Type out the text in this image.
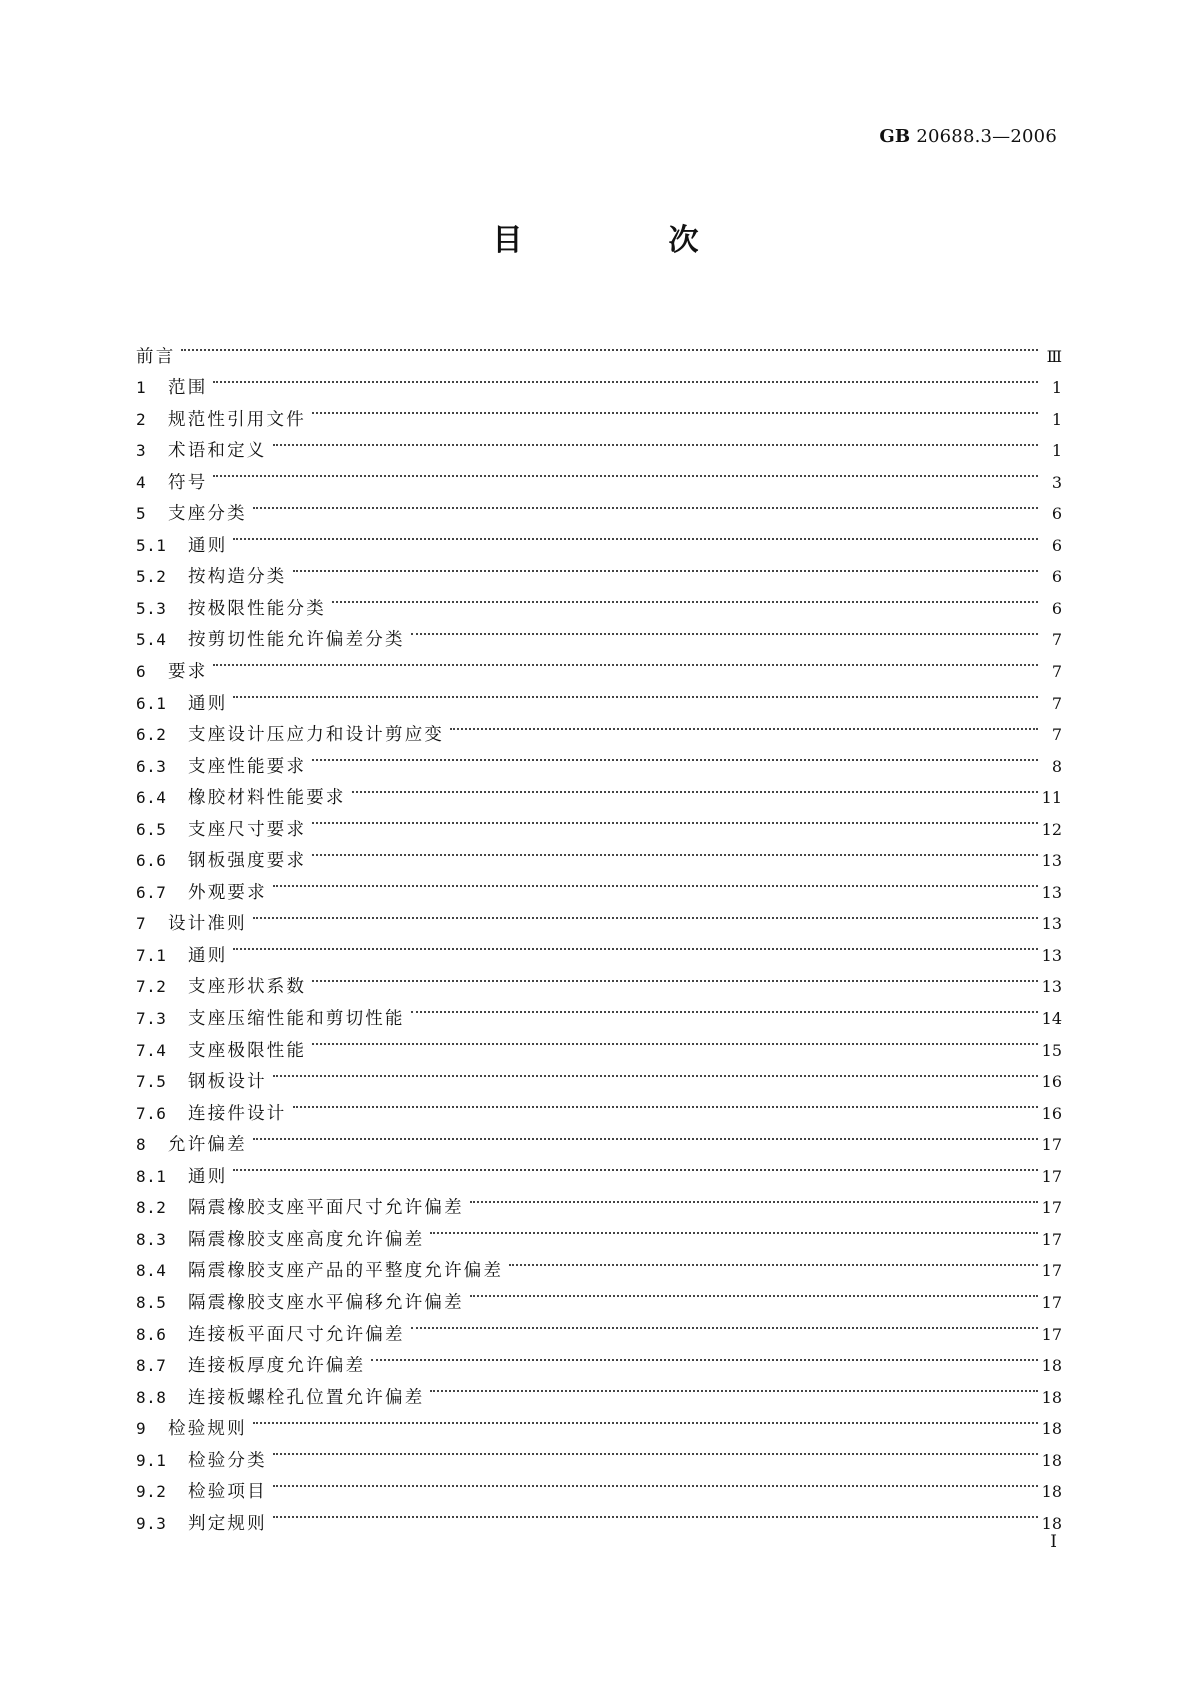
GB 20688.3—2006
目　次
前言	Ⅲ
1	范围	1
2	规范性引用文件	1
3	术语和定义	1
4	符号	3
5	支座分类	6
5.1	通则	6
5.2	按构造分类	6
5.3	按极限性能分类	6
5.4	按剪切性能允许偏差分类	7
6	要求	7
6.1	通则	7
6.2	支座设计压应力和设计剪应变	7
6.3	支座性能要求	8
6.4	橡胶材料性能要求	11
6.5	支座尺寸要求	12
6.6	钢板强度要求	13
6.7	外观要求	13
7	设计准则	13
7.1	通则	13
7.2	支座形状系数	13
7.3	支座压缩性能和剪切性能	14
7.4	支座极限性能	15
7.5	钢板设计	16
7.6	连接件设计	16
8	允许偏差	17
8.1	通则	17
8.2	隔震橡胶支座平面尺寸允许偏差	17
8.3	隔震橡胶支座高度允许偏差	17
8.4	隔震橡胶支座产品的平整度允许偏差	17
8.5	隔震橡胶支座水平偏移允许偏差	17
8.6	连接板平面尺寸允许偏差	17
8.7	连接板厚度允许偏差	18
8.8	连接板螺栓孔位置允许偏差	18
9	检验规则	18
9.1	检验分类	18
9.2	检验项目	18
9.3	判定规则	18
I
